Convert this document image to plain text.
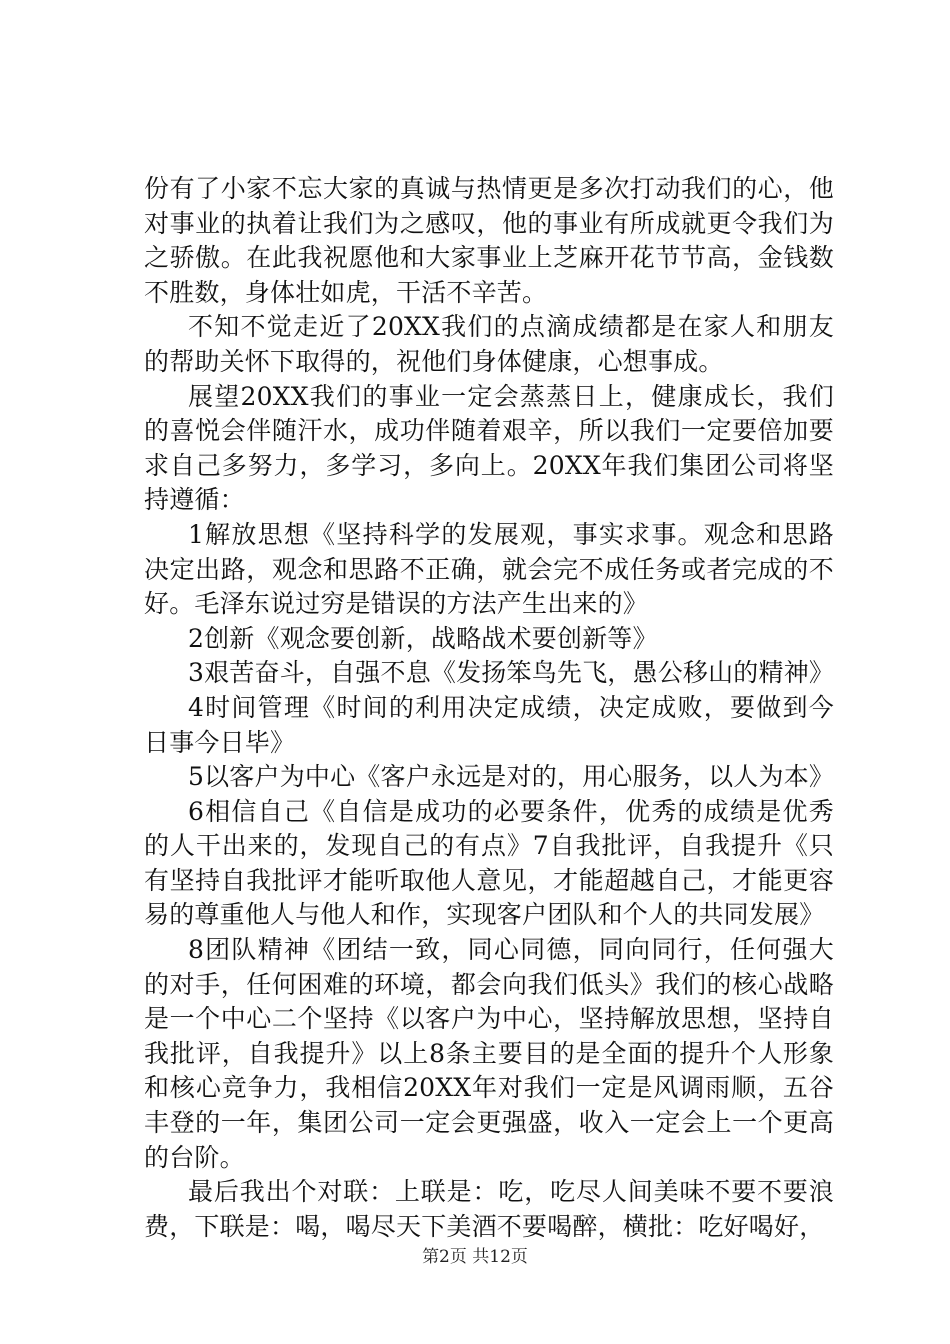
份有了小家不忘大家的真诚与热情更是多次打动我们的心，他对事业的执着让我们为之感叹，他的事业有所成就更令我们为之骄傲。在此我祝愿他和大家事业上芝麻开花节节高，金钱数不胜数，身体壮如虎，干活不辛苦。

不知不觉走近了20XX我们的点滴成绩都是在家人和朋友的帮助关怀下取得的，祝他们身体健康，心想事成。

展望20XX我们的事业一定会蒸蒸日上，健康成长，我们的喜悦会伴随汗水，成功伴随着艰辛，所以我们一定要倍加要求自己多努力，多学习，多向上。20XX年我们集团公司将坚持遵循：

1解放思想《坚持科学的发展观，事实求事。观念和思路决定出路，观念和思路不正确，就会完不成任务或者完成的不好。毛泽东说过穷是错误的方法产生出来的》

2创新《观念要创新，战略战术要创新等》

3艰苦奋斗，自强不息《发扬笨鸟先飞，愚公移山的精神》

4时间管理《时间的利用决定成绩，决定成败，要做到今日事今日毕》

5以客户为中心《客户永远是对的，用心服务，以人为本》

6相信自己《自信是成功的必要条件，优秀的成绩是优秀的人干出来的，发现自己的有点》7自我批评，自我提升《只有坚持自我批评才能听取他人意见，才能超越自己，才能更容易的尊重他人与他人和作，实现客户团队和个人的共同发展》

8团队精神《团结一致，同心同德，同向同行，任何强大的对手，任何困难的环境，都会向我们低头》我们的核心战略是一个中心二个坚持《以客户为中心，坚持解放思想，坚持自我批评，自我提升》以上8条主要目的是全面的提升个人形象和核心竞争力，我相信20XX年对我们一定是风调雨顺，五谷丰登的一年，集团公司一定会更强盛，收入一定会上一个更高的台阶。

最后我出个对联：上联是：吃，吃尽人间美味不要不要浪费，下联是：喝，喝尽天下美酒不要喝醉，横批：吃好喝好，

第2页 共12页
